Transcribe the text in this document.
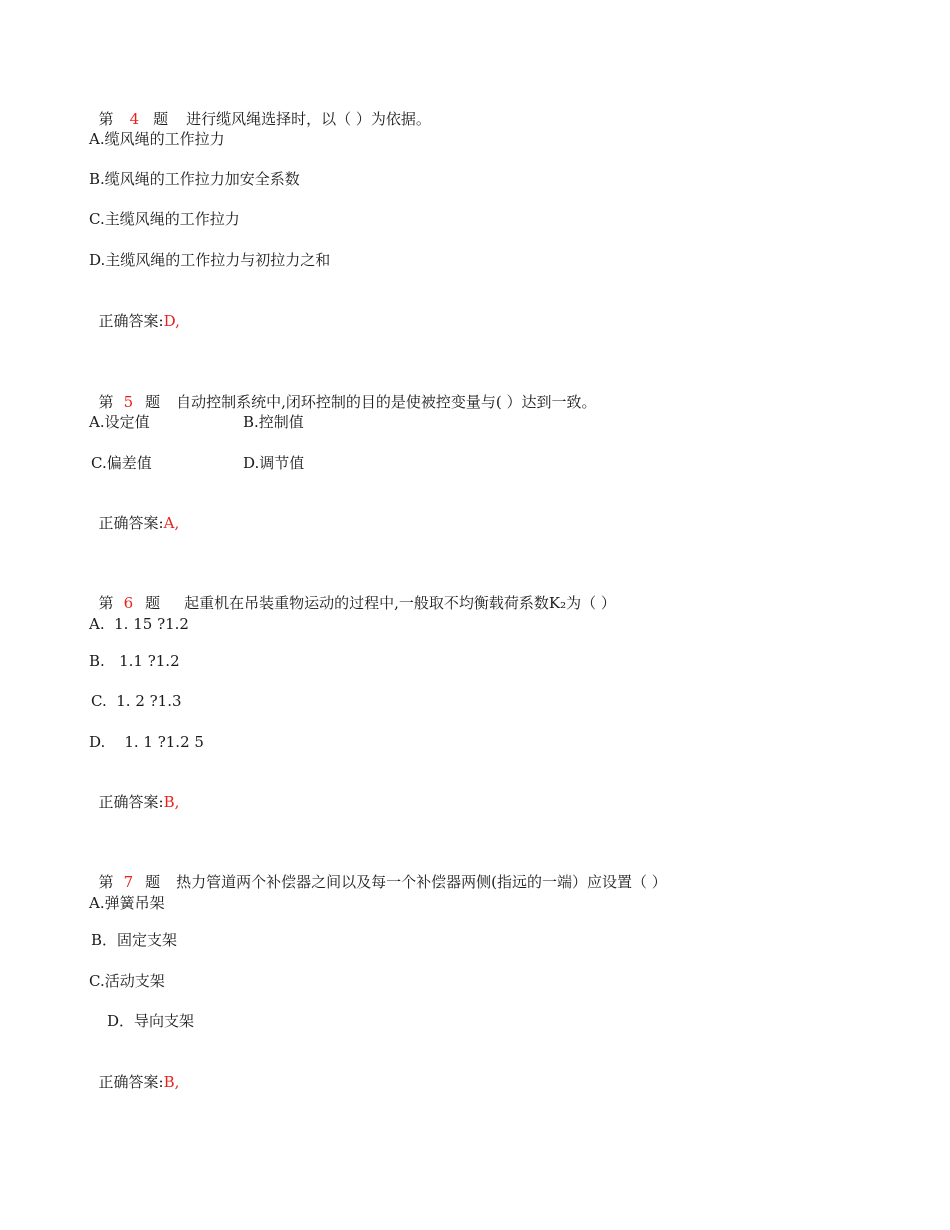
第 4 题 进行缆风绳选择时，以（ ）为依据。

A.缆风绳的工作拉力
B.缆风绳的工作拉力加安全系数
C.主缆风绳的工作拉力
D.主缆风绳的工作拉力与初拉力之和

正确答案:D,

第 5 题 自动控制系统中,闭环控制的目的是使被控变量与( ）达到一致。

A.设定值	B.控制值
C.偏差值	D.调节值

正确答案:A,

第 6 题 起重机在吊装重物运动的过程中,一般取不均衡载荷系数K₂为（ ）

A.  1. 15 ?1.2
B.   1.1 ?1.2
C.  1. 2 ?1.3
D.    1. 1 ?1.2 5

正确答案:B,

第 7 题 热力管道两个补偿器之间以及每一个补偿器两侧(指远的一端）应设置（ ）

A.弹簧吊架
B．固定支架
C.活动支架
D．导向支架

正确答案:B,
